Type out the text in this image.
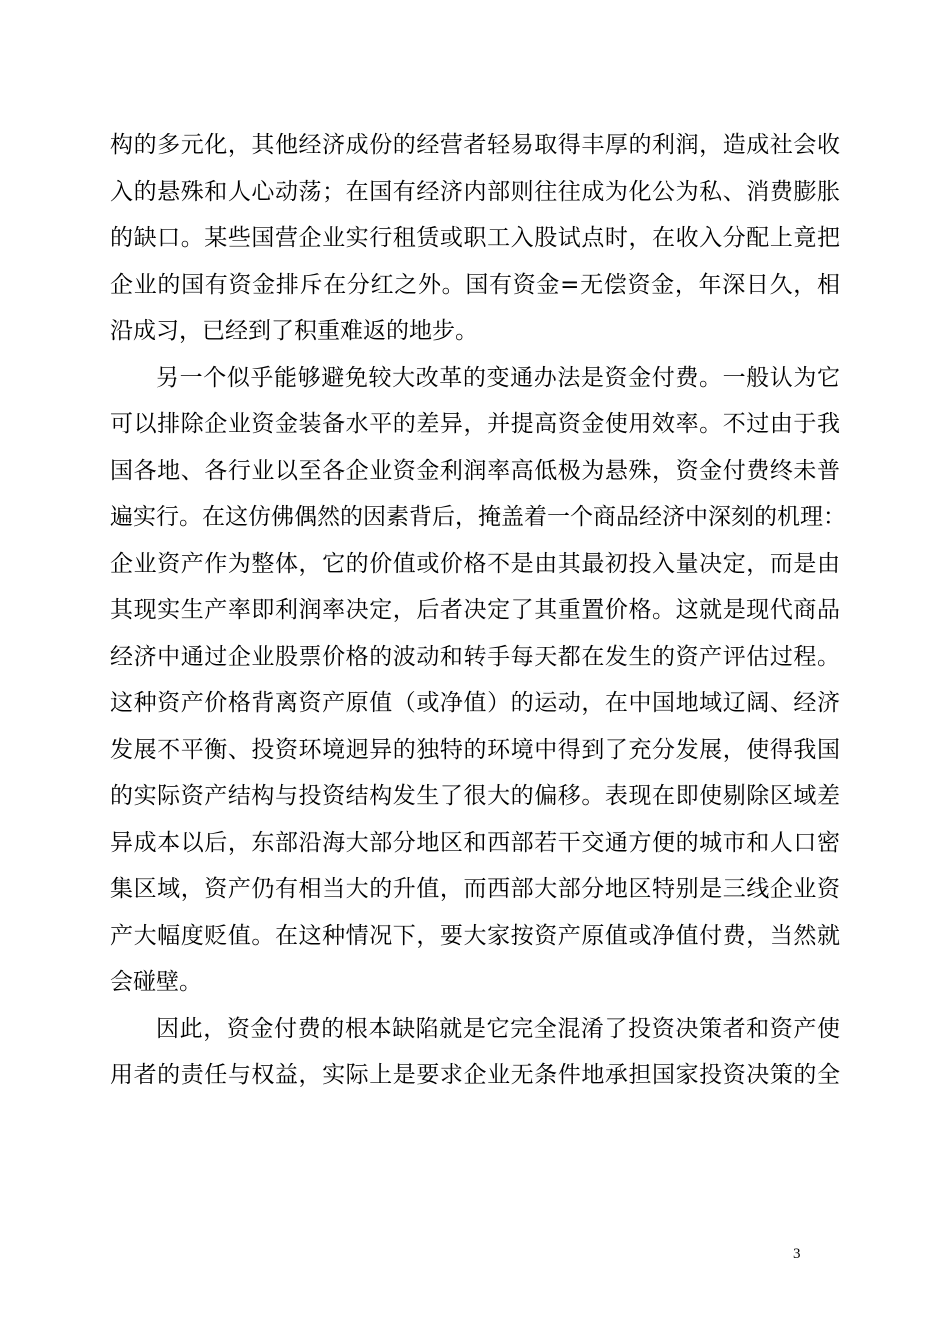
构的多元化，其他经济成份的经营者轻易取得丰厚的利润，造成社会收
入的悬殊和人心动荡；在国有经济内部则往往成为化公为私、消费膨胀
的缺口。某些国营企业实行租赁或职工入股试点时，在收入分配上竟把
企业的国有资金排斥在分红之外。国有资金=无偿资金，年深日久，相
沿成习，已经到了积重难返的地步。
另一个似乎能够避免较大改革的变通办法是资金付费。一般认为它
可以排除企业资金装备水平的差异，并提高资金使用效率。不过由于我
国各地、各行业以至各企业资金利润率高低极为悬殊，资金付费终未普
遍实行。在这仿佛偶然的因素背后，掩盖着一个商品经济中深刻的机理：
企业资产作为整体，它的价值或价格不是由其最初投入量决定，而是由
其现实生产率即利润率决定，后者决定了其重置价格。这就是现代商品
经济中通过企业股票价格的波动和转手每天都在发生的资产评估过程。
这种资产价格背离资产原值（或净值）的运动，在中国地域辽阔、经济
发展不平衡、投资环境迥异的独特的环境中得到了充分发展，使得我国
的实际资产结构与投资结构发生了很大的偏移。表现在即使剔除区域差
异成本以后，东部沿海大部分地区和西部若干交通方便的城市和人口密
集区域，资产仍有相当大的升值，而西部大部分地区特别是三线企业资
产大幅度贬值。在这种情况下，要大家按资产原值或净值付费，当然就
会碰壁。
因此，资金付费的根本缺陷就是它完全混淆了投资决策者和资产使
用者的责任与权益，实际上是要求企业无条件地承担国家投资决策的全
3
